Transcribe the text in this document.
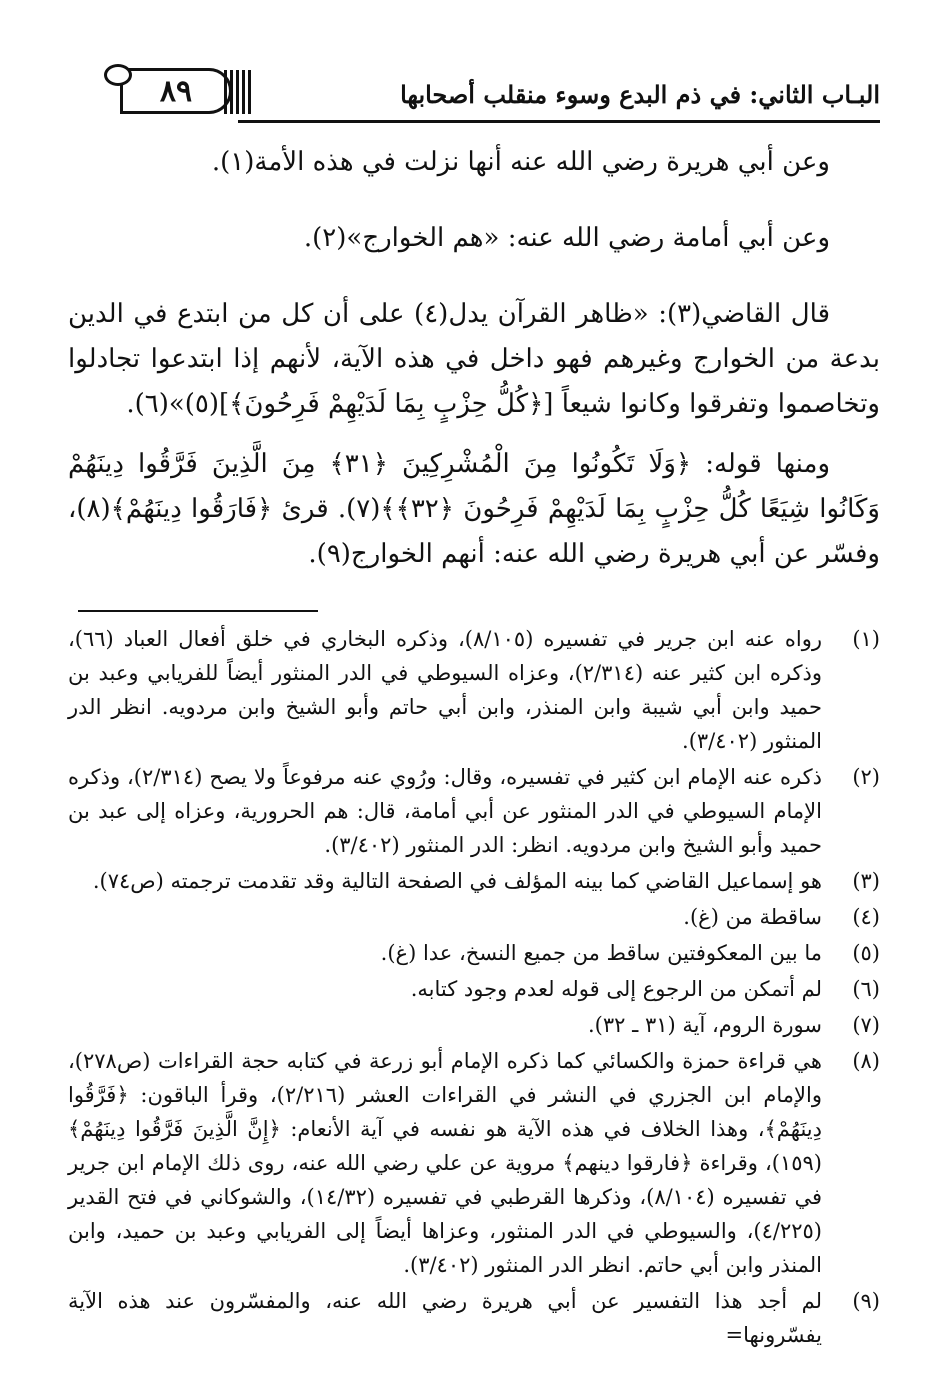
البـاب الثاني: في ذم البدع وسوء منقلب أصحابها
٨٩

وعن أبي هريرة رضي الله عنه أنها نزلت في هذه الأمة(١).

وعن أبي أمامة رضي الله عنه: «هم الخوارج»(٢).

قال القاضي(٣): «ظاهر القرآن يدل(٤) على أن كل من ابتدع في الدين بدعة من الخوارج وغيرهم فهو داخل في هذه الآية، لأنهم إذا ابتدعوا تجادلوا وتخاصموا وتفرقوا وكانوا شيعاً [﴿كُلُّ حِزْبٍ بِمَا لَدَيْهِمْ فَرِحُونَ﴾](٥)»(٦).

ومنها قوله: ﴿وَلَا تَكُونُوا مِنَ الْمُشْرِكِينَ ﴿٣١﴾ مِنَ الَّذِينَ فَرَّقُوا دِينَهُمْ وَكَانُوا شِيَعًا كُلُّ حِزْبٍ بِمَا لَدَيْهِمْ فَرِحُونَ ﴿٣٢﴾﴾(٧). قرئ ﴿فَارَقُوا دِينَهُمْ﴾(٨)، وفسّر عن أبي هريرة رضي الله عنه: أنهم الخوارج(٩).

(١)
رواه عنه ابن جرير في تفسيره (٨/١٠٥)، وذكره البخاري في خلق أفعال العباد (٦٦)، وذكره ابن كثير عنه (٢/٣١٤)، وعزاه السيوطي في الدر المنثور أيضاً للفريابي وعبد بن حميد وابن أبي شيبة وابن المنذر، وابن أبي حاتم وأبو الشيخ وابن مردويه. انظر الدر المنثور (٣/٤٠٢).
(٢)
ذكره عنه الإمام ابن كثير في تفسيره، وقال: ورُوي عنه مرفوعاً ولا يصح (٢/٣١٤)، وذكره الإمام السيوطي في الدر المنثور عن أبي أمامة، قال: هم الحرورية، وعزاه إلى عبد بن حميد وأبو الشيخ وابن مردويه. انظر: الدر المنثور (٣/٤٠٢).
(٣)
هو إسماعيل القاضي كما بينه المؤلف في الصفحة التالية وقد تقدمت ترجمته (ص٧٤).
(٤)
ساقطة من (غ).
(٥)
ما بين المعكوفتين ساقط من جميع النسخ، عدا (غ).
(٦)
لم أتمكن من الرجوع إلى قوله لعدم وجود كتابه.
(٧)
سورة الروم، آية (٣١ ـ ٣٢).
(٨)
هي قراءة حمزة والكسائي كما ذكره الإمام أبو زرعة في كتابه حجة القراءات (ص٢٧٨)، والإمام ابن الجزري في النشر في القراءات العشر (٢/٢١٦)، وقرأ الباقون: ﴿فَرَّقُوا دِينَهُمْ﴾، وهذا الخلاف في هذه الآية هو نفسه في آية الأنعام: ﴿إِنَّ الَّذِينَ فَرَّقُوا دِينَهُمْ﴾ (١٥٩)، وقراءة ﴿فارقوا دينهم﴾ مروية عن علي رضي الله عنه، روى ذلك الإمام ابن جرير في تفسيره (٨/١٠٤)، وذكرها القرطبي في تفسيره (١٤/٣٢)، والشوكاني في فتح القدير (٤/٢٢٥)، والسيوطي في الدر المنثور، وعزاها أيضاً إلى الفريابي وعبد بن حميد، وابن المنذر وابن أبي حاتم. انظر الدر المنثور (٣/٤٠٢).
(٩)
لم أجد هذا التفسير عن أبي هريرة رضي الله عنه، والمفسّرون عند هذه الآية يفسّرونها=
